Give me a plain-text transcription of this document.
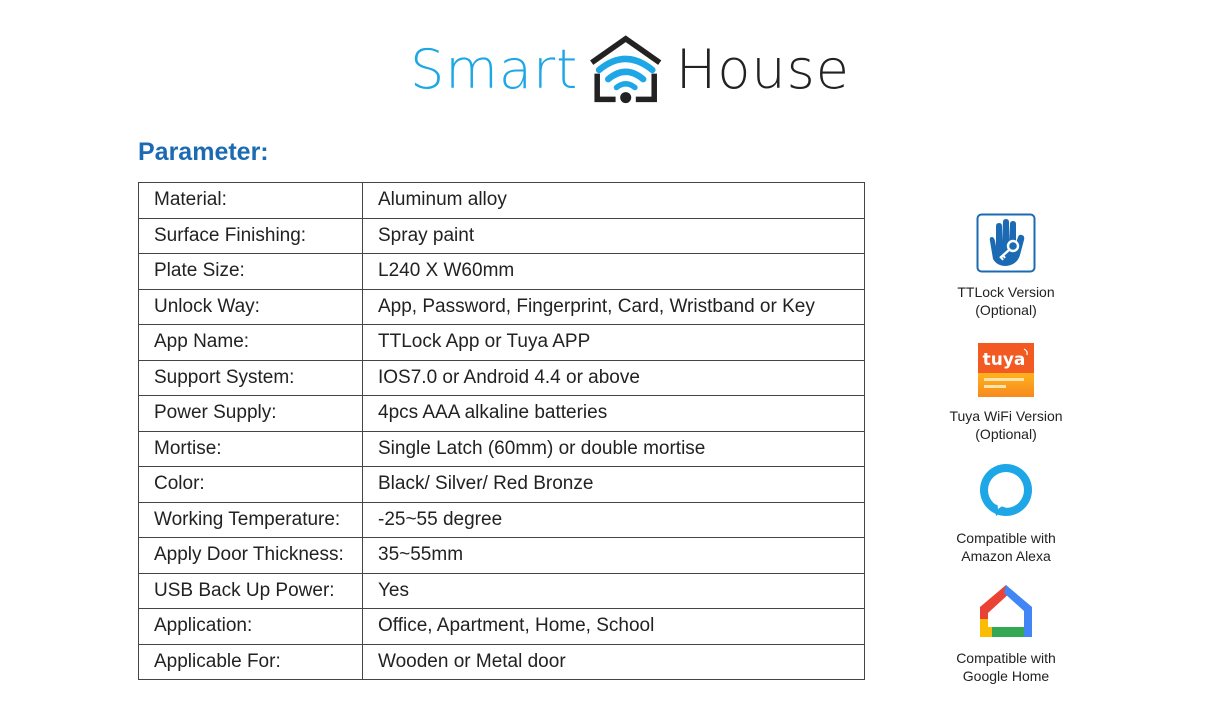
Smart House
Parameter:
Material:	Aluminum alloy
Surface Finishing:	Spray paint
Plate Size:	L240 X W60mm
Unlock Way:	App, Password, Fingerprint, Card, Wristband or Key
App Name:	TTLock App or Tuya APP
Support System:	IOS7.0 or Android 4.4 or above
Power Supply:	4pcs AAA alkaline batteries
Mortise:	Single Latch (60mm) or double mortise
Color:	Black/ Silver/ Red Bronze
Working Temperature:	-25~55 degree
Apply Door Thickness:	35~55mm
USB Back Up Power:	Yes
Application:	Office, Apartment, Home, School
Applicable For:	Wooden or Metal door
TTLock Version
(Optional)
tuya
Tuya WiFi Version
(Optional)
Compatible with
Amazon Alexa
Compatible with
Google Home
